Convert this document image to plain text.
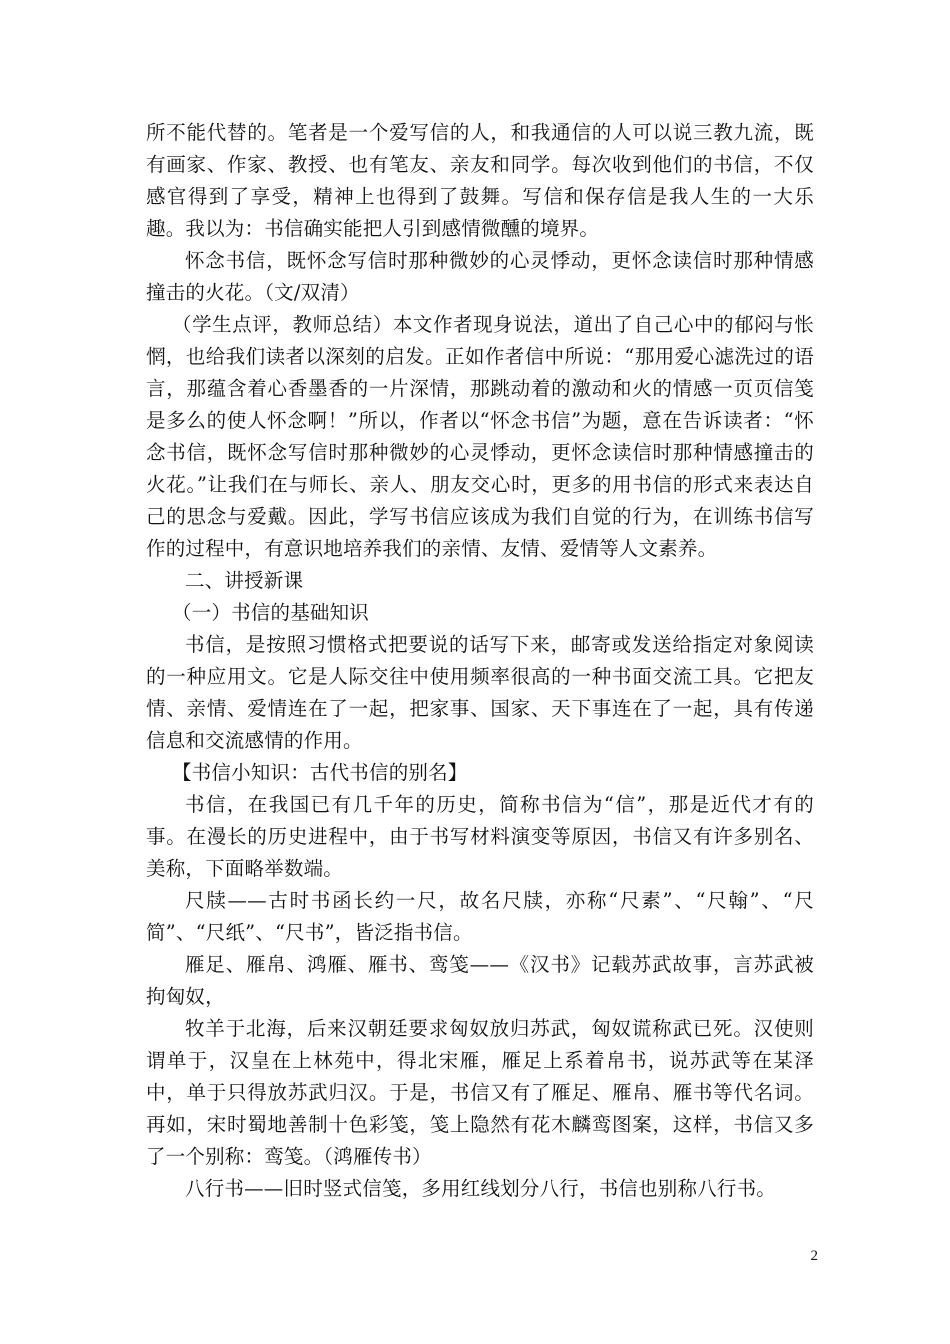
所不能代替的。笔者是一个爱写信的人，和我通信的人可以说三教九流，既有画家、作家、教授、也有笔友、亲友和同学。每次收到他们的书信，不仅感官得到了享受，精神上也得到了鼓舞。写信和保存信是我人生的一大乐趣。我以为：书信确实能把人引到感情微醺的境界。

怀念书信，既怀念写信时那种微妙的心灵悸动，更怀念读信时那种情感撞击的火花。（文/双清）

（学生点评，教师总结）本文作者现身说法，道出了自己心中的郁闷与怅惘，也给我们读者以深刻的启发。正如作者信中所说：“那用爱心滤洗过的语言，那蕴含着心香墨香的一片深情，那跳动着的激动和火的情感一页页信笺是多么的使人怀念啊！”所以，作者以“怀念书信”为题，意在告诉读者：“怀念书信，既怀念写信时那种微妙的心灵悸动，更怀念读信时那种情感撞击的火花。”让我们在与师长、亲人、朋友交心时，更多的用书信的形式来表达自己的思念与爱戴。因此，学写书信应该成为我们自觉的行为，在训练书信写作的过程中，有意识地培养我们的亲情、友情、爱情等人文素养。

二、讲授新课

（一）书信的基础知识

书信，是按照习惯格式把要说的话写下来，邮寄或发送给指定对象阅读的一种应用文。它是人际交往中使用频率很高的一种书面交流工具。它把友情、亲情、爱情连在了一起，把家事、国家、天下事连在了一起，具有传递信息和交流感情的作用。

【书信小知识：古代书信的别名】

书信，在我国已有几千年的历史，简称书信为“信”，那是近代才有的事。在漫长的历史进程中，由于书写材料演变等原因，书信又有许多别名、美称，下面略举数端。

尺牍——古时书函长约一尺，故名尺牍，亦称“尺素”、“尺翰”、“尺简”、“尺纸”、“尺书”，皆泛指书信。

雁足、雁帛、鸿雁、雁书、鸾笺——《汉书》记载苏武故事，言苏武被拘匈奴，

牧羊于北海，后来汉朝廷要求匈奴放归苏武，匈奴谎称武已死。汉使则谓单于，汉皇在上林苑中，得北宋雁，雁足上系着帛书，说苏武等在某泽中，单于只得放苏武归汉。于是，书信又有了雁足、雁帛、雁书等代名词。再如，宋时蜀地善制十色彩笺，笺上隐然有花木麟鸾图案，这样，书信又多了一个别称：鸾笺。（鸿雁传书）

八行书——旧时竖式信笺，多用红线划分八行，书信也别称八行书。

2
